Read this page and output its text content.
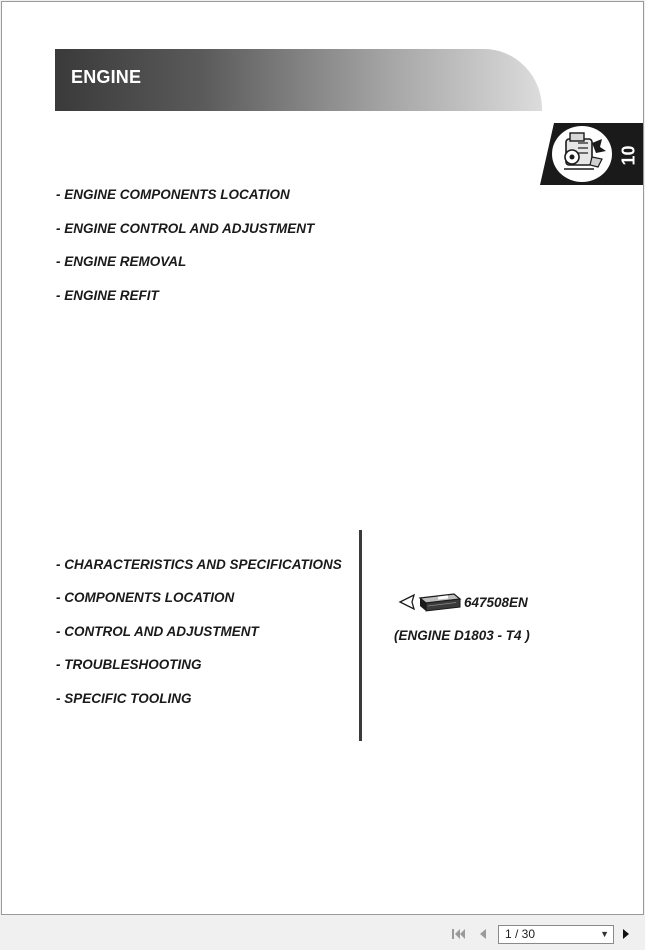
ENGINE
10
- ENGINE COMPONENTS LOCATION
- ENGINE CONTROL AND ADJUSTMENT
- ENGINE REMOVAL
- ENGINE REFIT
- CHARACTERISTICS AND SPECIFICATIONS
- COMPONENTS LOCATION
- CONTROL AND ADJUSTMENT
- TROUBLESHOOTING
- SPECIFIC TOOLING
647508EN
(ENGINE D1803 - T4 )
1 / 30	▼
